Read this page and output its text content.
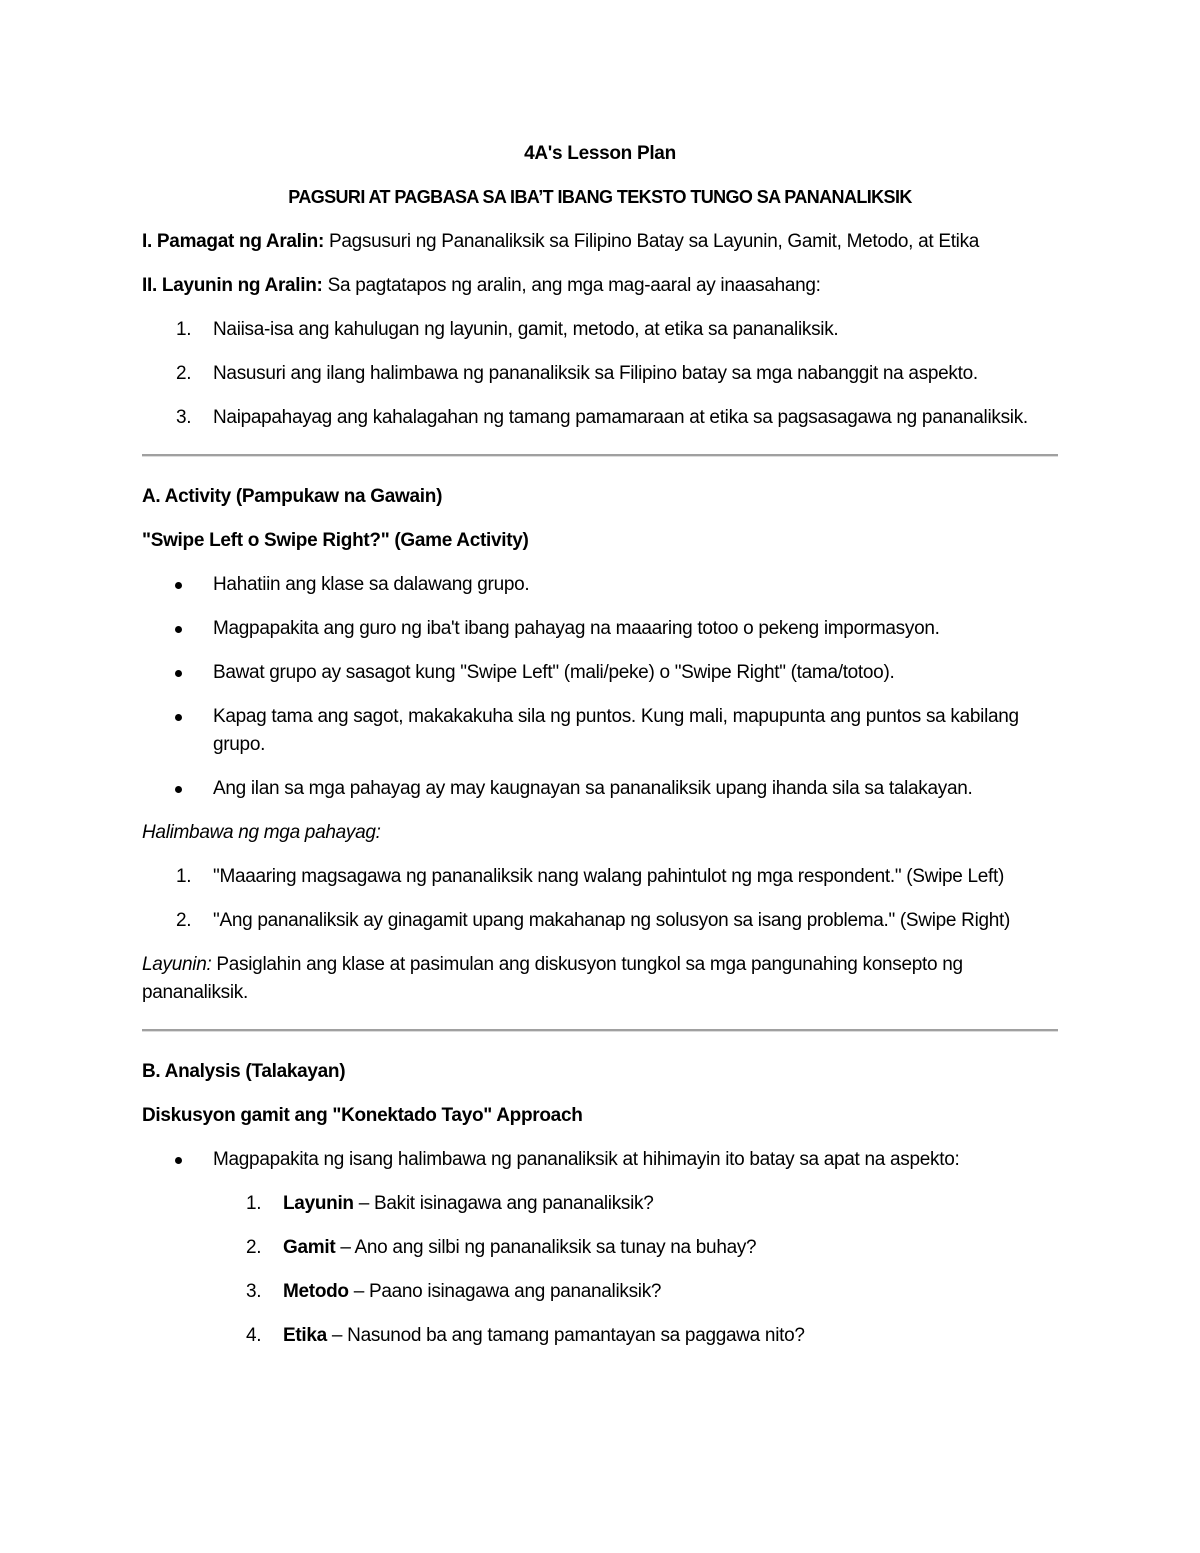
4A's Lesson Plan

PAGSURI AT PAGBASA SA IBA’T IBANG TEKSTO TUNGO SA PANANALIKSIK

I. Pamagat ng Aralin: Pagsusuri ng Pananaliksik sa Filipino Batay sa Layunin, Gamit, Metodo, at Etika

II. Layunin ng Aralin: Sa pagtatapos ng aralin, ang mga mag-aaral ay inaasahang:

1. Naiisa-isa ang kahulugan ng layunin, gamit, metodo, at etika sa pananaliksik.
2. Nasusuri ang ilang halimbawa ng pananaliksik sa Filipino batay sa mga nabanggit na aspekto.
3. Naipapahayag ang kahalagahan ng tamang pamamaraan at etika sa pagsasagawa ng pananaliksik.

A. Activity (Pampukaw na Gawain)

"Swipe Left o Swipe Right?" (Game Activity)

Hahatiin ang klase sa dalawang grupo.
Magpapakita ang guro ng iba't ibang pahayag na maaaring totoo o pekeng impormasyon.
Bawat grupo ay sasagot kung "Swipe Left" (mali/peke) o "Swipe Right" (tama/totoo).
Kapag tama ang sagot, makakakuha sila ng puntos. Kung mali, mapupunta ang puntos sa kabilang grupo.
Ang ilan sa mga pahayag ay may kaugnayan sa pananaliksik upang ihanda sila sa talakayan.

Halimbawa ng mga pahayag:

1. "Maaaring magsagawa ng pananaliksik nang walang pahintulot ng mga respondent." (Swipe Left)
2. "Ang pananaliksik ay ginagamit upang makahanap ng solusyon sa isang problema." (Swipe Right)

Layunin: Pasiglahin ang klase at pasimulan ang diskusyon tungkol sa mga pangunahing konsepto ng pananaliksik.

B. Analysis (Talakayan)

Diskusyon gamit ang "Konektado Tayo" Approach

Magpapakita ng isang halimbawa ng pananaliksik at hihimayin ito batay sa apat na aspekto:
1. Layunin – Bakit isinagawa ang pananaliksik?
2. Gamit – Ano ang silbi ng pananaliksik sa tunay na buhay?
3. Metodo – Paano isinagawa ang pananaliksik?
4. Etika – Nasunod ba ang tamang pamantayan sa paggawa nito?
